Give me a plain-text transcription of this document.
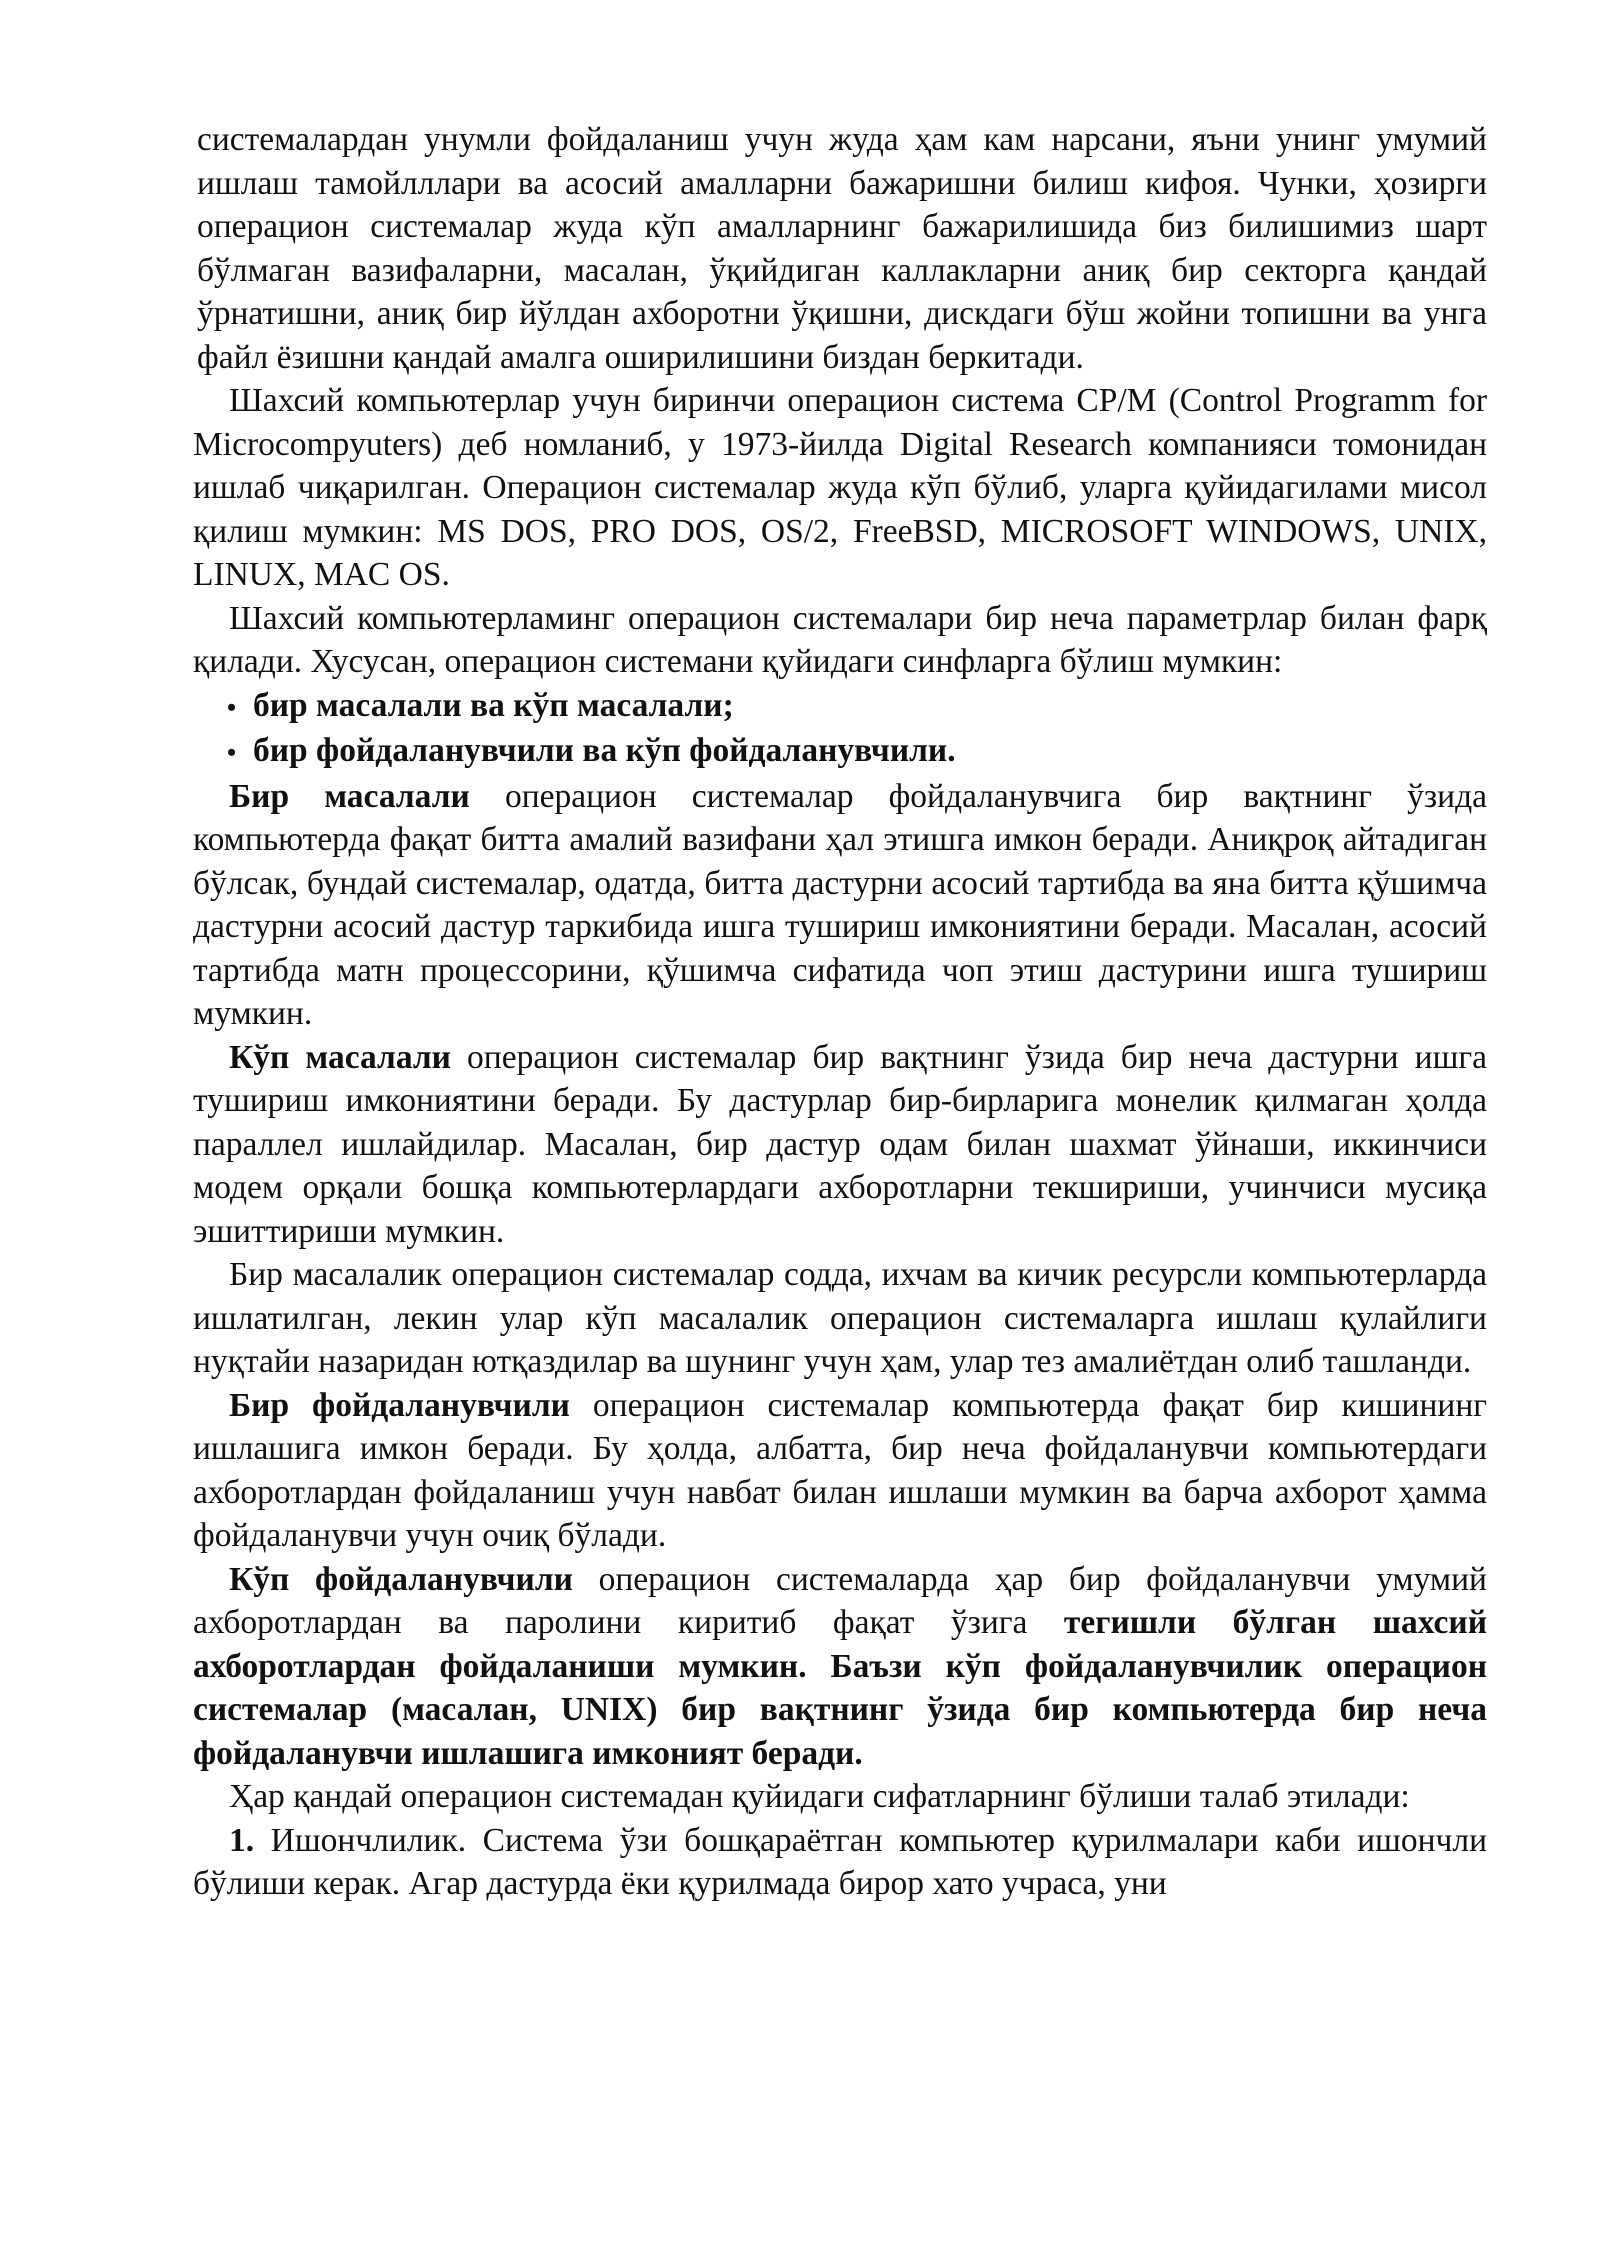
системалардан унумли фойдаланиш учун жуда ҳам кам нарсани, яъни унинг умумий ишлаш тамойлллари ва асосий амалларни бажаришни билиш кифоя. Чунки, ҳозирги операцион системалар жуда кўп амалларнинг бажарилишида биз билишимиз шарт бўлмаган вазифаларни, масалан, ўқийдиган каллакларни аниқ бир секторга қандай ўрнатишни, аниқ бир йўлдан ахборотни ўқишни, дискдаги бўш жойни топишни ва унга файл ёзишни қандай амалга оширилишини биздан беркитади.

Шахсий компьютерлар учун биринчи операцион система CP/M (Control Programm for Microcompyuters) деб номланиб, у 1973-йилда Digital Research компанияси томонидан ишлаб чиқарилган. Операцион системалар жуда кўп бўлиб, уларга қуйидагилами мисол қилиш мумкин: MS DOS, PRO DOS, OS/2, FreeBSD, MICROSOFT WINDOWS, UNIX, LINUX, MAC OS.

Шахсий компьютерламинг операцион системалари бир неча параметрлар билан фарқ қилади. Хусусан, операцион системани қуйидаги синфларга бўлиш мумкин:

• бир масалали ва кўп масалали;

• бир фойдаланувчили ва кўп фойдаланувчили.

Бир масалали операцион системалар фойдаланувчига бир вақтнинг ўзида компьютерда фақат битта амалий вазифани ҳал этишга имкон беради. Аниқроқ айтадиган бўлсак, бундай системалар, одатда, битта дастурни асосий тартибда ва яна битта қўшимча дастурни асосий дастур таркибида ишга тушириш имкониятини беради. Масалан, асосий тартибда матн процессорини, қўшимча сифатида чоп этиш дастурини ишга тушириш мумкин.

Кўп масалали операцион системалар бир вақтнинг ўзида бир неча дастурни ишга тушириш имкониятини беради. Бу дастурлар бир-бирларига монелик қилмаган ҳолда параллел ишлайдилар. Масалан, бир дастур одам билан шахмат ўйнаши, иккинчиси модем орқали бошқа компьютерлардаги ахборотларни текшириши, учинчиси мусиқа эшиттириши мумкин.

Бир масалалик операцион системалар содда, ихчам ва кичик ресурсли компьютерларда ишлатилган, лекин улар кўп масалалик операцион системаларга ишлаш қулайлиги нуқтайи назаридан ютқаздилар ва шунинг учун ҳам, улар тез амалиётдан олиб ташланди.

Бир фойдаланувчили операцион системалар компьютерда фақат бир кишининг ишлашига имкон беради. Бу ҳолда, албатта, бир неча фойдаланувчи компьютердаги ахборотлардан фойдаланиш учун навбат билан ишлаши мумкин ва барча ахборот ҳамма фойдаланувчи учун очиқ бўлади.

Кўп фойдаланувчили операцион системаларда ҳар бир фойдаланувчи умумий ахборотлардан ва паролини киритиб фақат ўзига тегишли бўлган шахсий ахборотлардан фойдаланиши мумкин. Баъзи кўп фойдаланувчилик операцион системалар (масалан, UNIX) бир вақтнинг ўзида бир компьютерда бир неча фойдаланувчи ишлашига имконият беради.

Ҳар қандай операцион системадан қуйидаги сифатларнинг бўлиши талаб этилади:

1. Ишончлилик. Система ўзи бошқараётган компьютер қурилмалари каби ишончли бўлиши керак. Агар дастурда ёки қурилмада бирор хато учраса, уни
